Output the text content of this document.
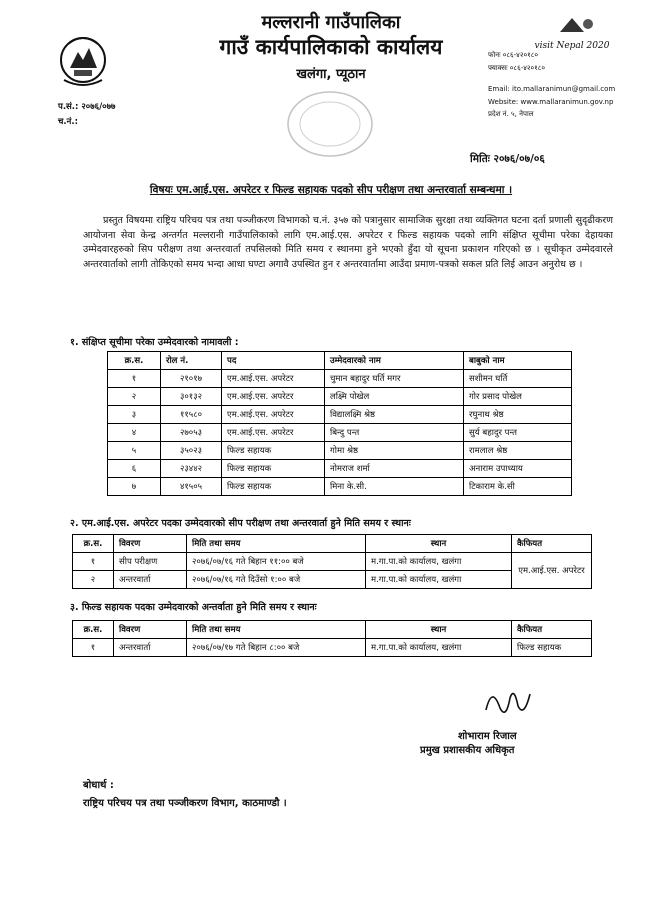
visit Nepal 2020
मल्लरानी गाउँपालिका
गाउँ कार्यपालिकाको कार्यालय
खलंगा, प्यूठान
फोनः ०८६-४२०१८०
फ्याक्सः ०८६-४२०१८०
Email: ito.mallaranimun@gmail.com
Website: www.mallaranimun.gov.np
प्रदेश नं. ५, नेपाल
प.सं.: २०७६/०७७
च.नं.:
मितिः २०७६/०७/०६
विषयः एम.आई.एस. अपरेटर र फिल्ड सहायक पदको सीप परीक्षण तथा अन्तरवार्ता सम्बन्धमा ।

प्रस्तुत विषयमा राष्ट्रिय परिचय पत्र तथा पञ्जीकरण विभागको च.नं. ३५७ को पत्रानुसार सामाजिक सुरक्षा तथा व्यक्तिगत घटना दर्ता प्रणाली सुदृढीकरण आयोजना सेवा केन्द्र अन्तर्गत मल्लरानी गाउँपालिकाको लागि एम.आई.एस. अपरेटर र फिल्ड सहायक पदको लागि संक्षिप्त सूचीमा परेका देहायका उम्मेदवारहरुको सिप परीक्षण तथा अन्तरवार्ता तपसिलको मिति समय र स्थानमा हुने भएको हुँदा यो सूचना प्रकाशन गरिएको छ । सूचीकृत उम्मेदवारले अन्तरवार्ताको लागी तोकिएको समय भन्दा आधा घण्टा अगावै उपस्थित हुन र अन्तरवार्तामा आउँदा प्रमाण-पत्रको सकल प्रति लिई आउन अनुरोध छ ।

१. संक्षिप्त सूचीमा परेका उम्मेदवारको नामावली :
क्र.स.	रोल नं.	पद	उम्मेदवारको नाम	बाबुको नाम
१	२१०१७	एम.आई.एस. अपरेटर	चुमान बहादुर घर्ति मगर	सशीमन घर्ति
२	३०१३२	एम.आई.एस. अपरेटर	लक्ष्मि पोखेल	गोर प्रसाद पोखेल
३	११५८०	एम.आई.एस. अपरेटर	विद्यालक्ष्मि श्रेष्ठ	रघुनाथ श्रेष्ठ
४	२७०५३	एम.आई.एस. अपरेटर	बिन्दु पन्त	सुर्य बहादुर पन्त
५	३५०२३	फिल्ड सहायक	गोमा श्रेष्ठ	रामलाल श्रेष्ठ
६	२३४४२	फिल्ड सहायक	नोमराज शर्मा	अनाराम उपाध्याय
७	४१५०५	फिल्ड सहायक	मिना के.सी.	टिकाराम के.सी
२. एम.आई.एस. अपरेटर पदका उम्मेदवारको सीप परीक्षण तथा अन्तरवार्ता हुने मिति समय र स्थानः
क्र.स.	विवरण	मिति तथा समय	स्थान	कैफियत
१	सीप परीक्षण	२०७६/०७/१६ गते बिहान ११:०० बजे	म.गा.पा.को कार्यालय, खलंगा	एम.आई.एस. अपरेटर
२	अन्तरवार्ता	२०७६/०७/१६ गते दिउँसो १:०० बजे	म.गा.पा.को कार्यालय, खलंगा	
३. फिल्ड सहायक पदका उम्मेदवारको अन्तर्वाता हुने मिति समय र स्थानः
क्र.स.	विवरण	मिति तथा समय	स्थान	कैफियत
१	अन्तरवार्ता	२०७६/०७/१७ गते बिहान ८:०० बजे	म.गा.पा.को कार्यालय, खलंगा	फिल्ड सहायक
शोभाराम रिजाल
प्रमुख प्रशासकीय अधिकृत
बोधार्थ :
राष्ट्रिय परिचय पत्र तथा पञ्जीकरण विभाग, काठमाण्डौ ।
